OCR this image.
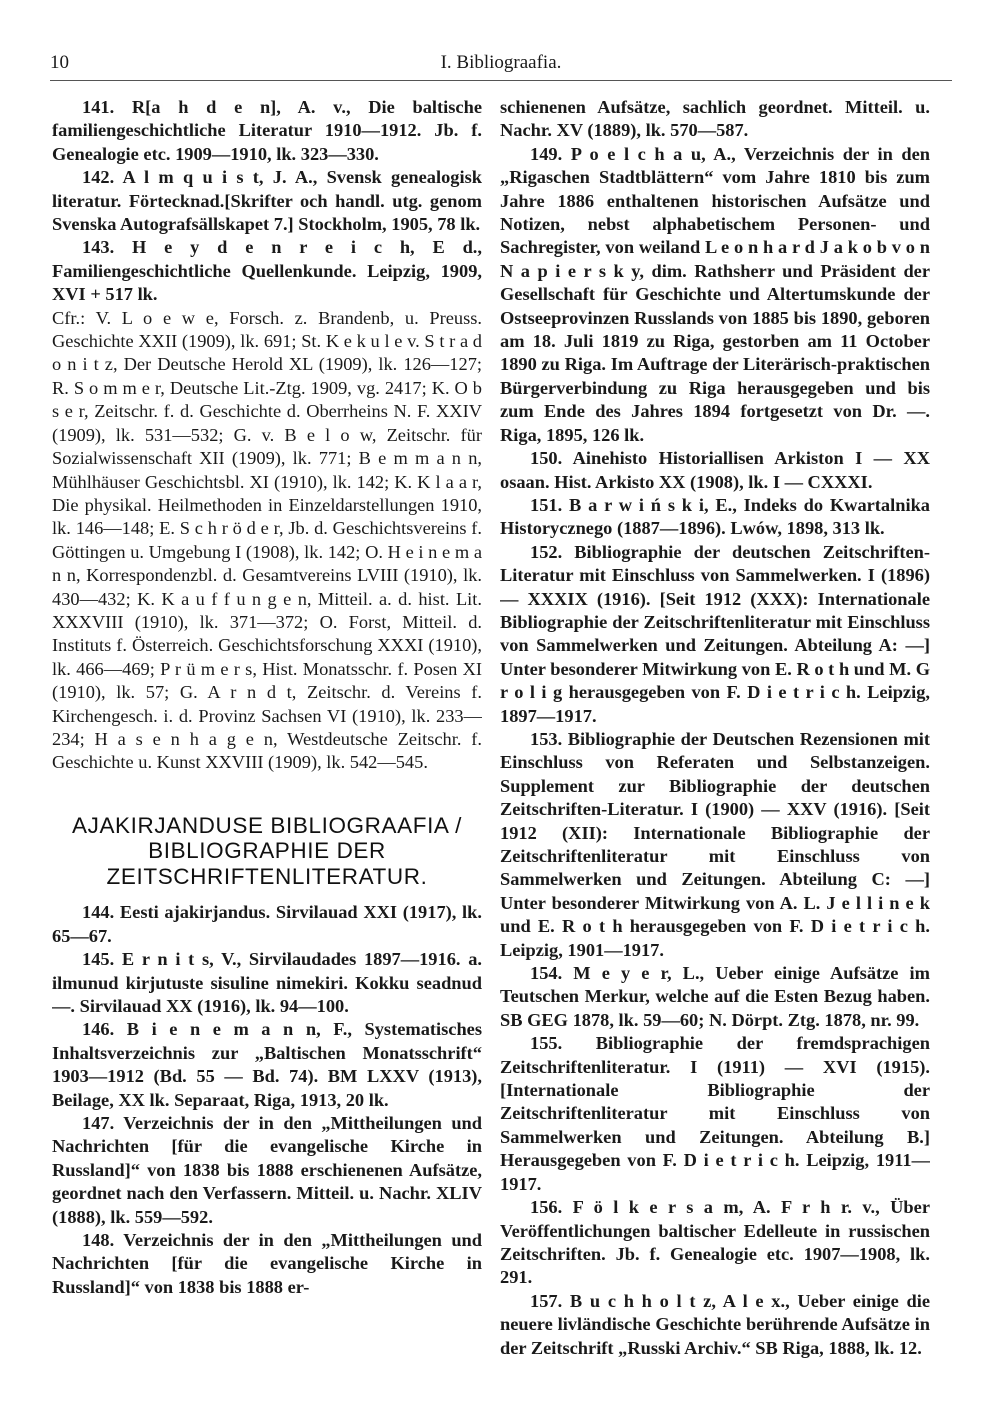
10	I. Bibliograafia.

141. R[a h d e n], A. v., Die baltische familiengeschichtliche Literatur 1910—1912. Jb. f. Genealogie etc. 1909—1910, lk. 323—330.

142. A l m q u i s t, J. A., Svensk genealogisk literatur. Förtecknad.[Skrifter och handl. utg. genom Svenska Autografsällskapet 7.] Stockholm, 1905, 78 lk.

143. H e y d e n r e i c h, E d., Familiengeschichtliche Quellenkunde. Leipzig, 1909, XVI + 517 lk.

Cfr.: V. L o e w e, Forsch. z. Brandenb, u. Preuss. Geschichte XXII (1909), lk. 691; St. K e k u l e v. S t r a d o n i t z, Der Deutsche Herold XL (1909), lk. 126—127; R. S o m m e r, Deutsche Lit.-Ztg. 1909, vg. 2417; K. O b s e r, Zeitschr. f. d. Geschichte d. Oberrheins N. F. XXIV (1909), lk. 531—532; G. v. B e l o w, Zeitschr. für Sozialwissenschaft XII (1909), lk. 771; B e m m a n n, Mühlhäuser Geschichtsbl. XI (1910), lk. 142; K. K l a a r, Die physikal. Heilmethoden in Einzeldarstellungen 1910, lk. 146—148; E. S c h r ö d e r, Jb. d. Geschichtsvereins f. Göttingen u. Umgebung I (1908), lk. 142; O. H e i n e m a n n, Korrespondenzbl. d. Gesamtvereins LVIII (1910), lk. 430—432; K. K a u f f u n g e n, Mitteil. a. d. hist. Lit. XXXVIII (1910), lk. 371—372; O. Forst, Mitteil. d. Instituts f. Österreich. Geschichtsforschung XXXI (1910), lk. 466—469; P r ü m e r s, Hist. Monatsschr. f. Posen XI (1910), lk. 57; G. A r n d t, Zeitschr. d. Vereins f. Kirchengesch. i. d. Provinz Sachsen VI (1910), lk. 233—234; H a s e n h a g e n, Westdeutsche Zeitschr. f. Geschichte u. Kunst XXVIII (1909), lk. 542—545.

AJAKIRJANDUSE BIBLIOGRAAFIA / BIBLIOGRAPHIE DER ZEITSCHRIFTENLITERATUR.

144. Eesti ajakirjandus. Sirvilauad XXI (1917), lk. 65—67.

145. E r n i t s, V., Sirvilaudades 1897—1916. a. ilmunud kirjutuste sisuline nimekiri. Kokku seadnud —. Sirvilauad XX (1916), lk. 94—100.

146. B i e n e m a n n, F., Systematisches Inhaltsverzeichnis zur „Baltischen Monatsschrift“ 1903—1912 (Bd. 55 — Bd. 74). BM LXXV (1913), Beilage, XX lk. Separaat, Riga, 1913, 20 lk.

147. Verzeichnis der in den „Mittheilungen und Nachrichten [für die evangelische Kirche in Russland]“ von 1838 bis 1888 erschienenen Aufsätze, geordnet nach den Verfassern. Mitteil. u. Nachr. XLIV (1888), lk. 559—592.

148. Verzeichnis der in den „Mittheilungen und Nachrichten [für die evangelische Kirche in Russland]“ von 1838 bis 1888 er-

schienenen Aufsätze, sachlich geordnet. Mitteil. u. Nachr. XV (1889), lk. 570—587.

149. P o e l c h a u, A., Verzeichnis der in den „Rigaschen Stadtblättern“ vom Jahre 1810 bis zum Jahre 1886 enthaltenen historischen Aufsätze und Notizen, nebst alphabetischem Personen- und Sachregister, von weiland L e o n h a r d J a k o b v o n N a p i e r s k y, dim. Rathsherr und Präsident der Gesellschaft für Geschichte und Altertumskunde der Ostseeprovinzen Russlands von 1885 bis 1890, geboren am 18. Juli 1819 zu Riga, gestorben am 11 October 1890 zu Riga. Im Auftrage der Literärisch-praktischen Bürgerverbindung zu Riga herausgegeben und bis zum Ende des Jahres 1894 fortgesetzt von Dr. —. Riga, 1895, 126 lk.

150. Ainehisto Historiallisen Arkiston I — XX osaan. Hist. Arkisto XX (1908), lk. I — CXXXI.

151. B a r w i ń s k i, E., Indeks do Kwartalnika Historycznego (1887—1896). Lwów, 1898, 313 lk.

152. Bibliographie der deutschen Zeitschriften-Literatur mit Einschluss von Sammelwerken. I (1896) — XXXIX (1916). [Seit 1912 (XXX): Internationale Bibliographie der Zeitschriftenliteratur mit Einschluss von Sammelwerken und Zeitungen. Abteilung A: —] Unter besonderer Mitwirkung von E. R o t h und M. G r o l i g herausgegeben von F. D i e t r i c h. Leipzig, 1897—1917.

153. Bibliographie der Deutschen Rezensionen mit Einschluss von Referaten und Selbstanzeigen. Supplement zur Bibliographie der deutschen Zeitschriften-Literatur. I (1900) — XXV (1916). [Seit 1912 (XII): Internationale Bibliographie der Zeitschriftenliteratur mit Einschluss von Sammelwerken und Zeitungen. Abteilung C: —] Unter besonderer Mitwirkung von A. L. J e l l i n e k und E. R o t h herausgegeben von F. D i e t r i c h. Leipzig, 1901—1917.

154. M e y e r, L., Ueber einige Aufsätze im Teutschen Merkur, welche auf die Esten Bezug haben. SB GEG 1878, lk. 59—60; N. Dörpt. Ztg. 1878, nr. 99.

155. Bibliographie der fremdsprachigen Zeitschriftenliteratur. I (1911) — XVI (1915). [Internationale Bibliographie der Zeitschriftenliteratur mit Einschluss von Sammelwerken und Zeitungen. Abteilung B.] Herausgegeben von F. D i e t r i c h. Leipzig, 1911—1917.

156. F ö l k e r s a m, A. F r h r. v., Über Veröffentlichungen baltischer Edelleute in russischen Zeitschriften. Jb. f. Genealogie etc. 1907—1908, lk. 291.

157. B u c h h o l t z, A l e x., Ueber einige die neuere livländische Geschichte berührende Aufsätze in der Zeitschrift „Russki Archiv.“ SB Riga, 1888, lk. 12.
